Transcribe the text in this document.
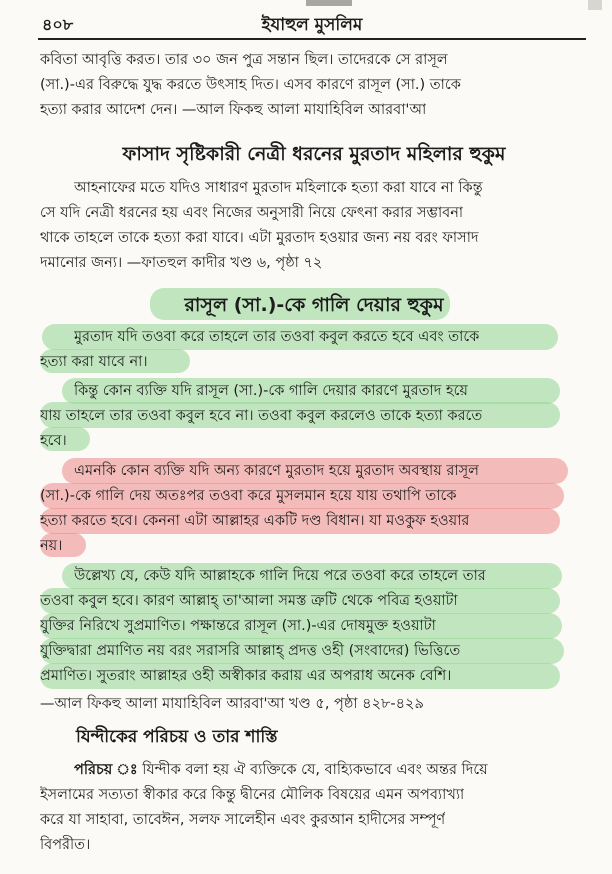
৪০৮	ইযাহুল মুসলিম
কবিতা আবৃত্তি করত। তার ৩০ জন পুত্র সন্তান ছিল। তাদেরকে সে রাসূল
(সা.)-এর বিরুদ্ধে যুদ্ধ করতে উৎসাহ দিত। এসব কারণে রাসূল (সা.) তাকে
হত্যা করার আদেশ দেন। —আল ফিকহু আলা মাযাহিবিল আরবা'আ
ফাসাদ সৃষ্টিকারী নেত্রী ধরনের মুরতাদ মহিলার হুকুম
আহনাফের মতে যদিও সাধারণ মুরতাদ মহিলাকে হত্যা করা যাবে না কিন্তু
সে যদি নেত্রী ধরনের হয় এবং নিজের অনুসারী নিয়ে ফেৎনা করার সম্ভাবনা
থাকে তাহলে তাকে হত্যা করা যাবে। এটা মুরতাদ হওয়ার জন্য নয় বরং ফাসাদ
দমানোর জন্য। —ফাতহুল কাদীর খণ্ড ৬, পৃষ্ঠা ৭২
রাসূল (সা.)-কে গালি দেয়ার হুকুম
মুরতাদ যদি তওবা করে তাহলে তার তওবা কবুল করতে হবে এবং তাকে
হত্যা করা যাবে না।
কিন্তু কোন ব্যক্তি যদি রাসূল (সা.)-কে গালি দেয়ার কারণে মুরতাদ হয়ে
যায় তাহলে তার তওবা কবুল হবে না। তওবা কবুল করলেও তাকে হত্যা করতে
হবে।
এমনকি কোন ব্যক্তি যদি অন্য কারণে মুরতাদ হয়ে মুরতাদ অবস্থায় রাসূল
(সা.)-কে গালি দেয় অতঃপর তওবা করে মুসলমান হয়ে যায় তথাপি তাকে
হত্যা করতে হবে। কেননা এটা আল্লাহর একটি দণ্ড বিধান। যা মওকুফ হওয়ার
নয়।
উল্লেখ্য যে, কেউ যদি আল্লাহকে গালি দিয়ে পরে তওবা করে তাহলে তার
তওবা কবুল হবে। কারণ আল্লাহ্ তা'আলা সমস্ত ত্রুটি থেকে পবিত্র হওয়াটা
যুক্তির নিরিখে সুপ্রমাণিত। পক্ষান্তরে রাসূল (সা.)-এর দোষমুক্ত হওয়াটা
যুক্তিদ্বারা প্রমাণিত নয় বরং সরাসরি আল্লাহ্ প্রদত্ত ওহী (সংবাদের) ভিত্তিতে
প্রমাণিত। সুতরাং আল্লাহর ওহী অস্বীকার করায় এর অপরাধ অনেক বেশি।
—আল ফিকহু আলা মাযাহিবিল আরবা'আ খণ্ড ৫, পৃষ্ঠা ৪২৮-৪২৯
যিন্দীকের পরিচয় ও তার শাস্তি
পরিচয় ঃ যিন্দীক বলা হয় ঐ ব্যক্তিকে যে, বাহ্যিকভাবে এবং অন্তর দিয়ে
ইসলামের সত্যতা স্বীকার করে কিন্তু দ্বীনের মৌলিক বিষয়ের এমন অপব্যাখ্যা
করে যা সাহাবা, তাবেঈন, সলফ সালেহীন এবং কুরআন হাদীসের সম্পূর্ণ
বিপরীত।
